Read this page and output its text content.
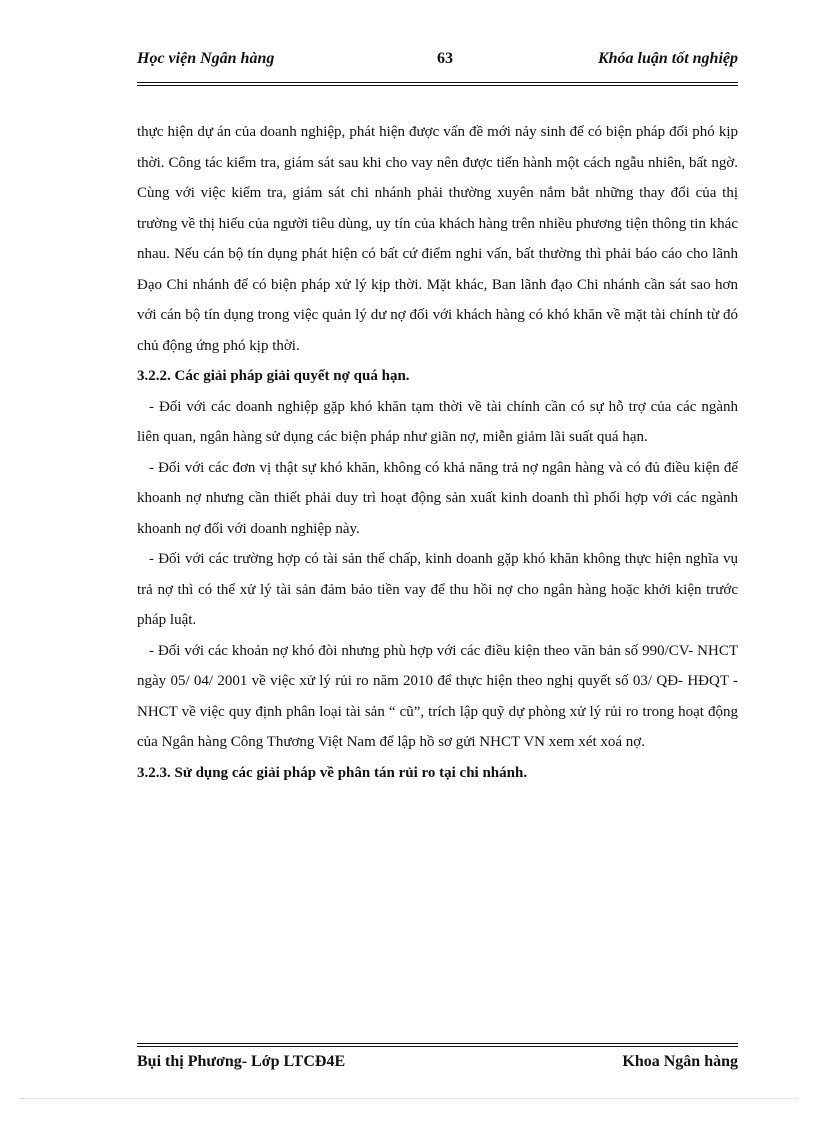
Học viện Ngân hàng	63	Khóa luận tốt nghiệp

thực hiện dự án của doanh nghiệp, phát hiện được vấn đề mới nảy sinh để có biện pháp đối phó kịp thời. Công tác kiểm tra, giám sát sau khi cho vay nên được tiến hành một cách ngẫu nhiên, bất ngờ. Cùng với việc kiểm tra, giám sát chi nhánh phải thường xuyên nắm bắt những thay đổi của thị trường về thị hiếu của người tiêu dùng, uy tín của khách hàng trên nhiều phương tiện thông tin khác nhau. Nếu cán bộ tín dụng phát hiện có bất cứ điểm nghi vấn, bất thường thì phải báo cáo cho lãnh Đạo Chi nhánh để có biện pháp xử lý kịp thời. Mặt khác, Ban lãnh đạo Chi nhánh cần sát sao hơn với cán bộ tín dụng trong việc quản lý dư nợ đối với khách hàng có khó khăn về mặt tài chính từ đó chủ động ứng phó kịp thời.

3.2.2. Các giải pháp giải quyết nợ quá hạn.

- Đối với các doanh nghiệp gặp khó khăn tạm thời về tài chính cần có sự hỗ trợ của các ngành liên quan, ngân hàng sử dụng các biện pháp như giãn nợ, miễn giảm lãi suất quá hạn.

- Đối với các đơn vị thật sự khó khăn, không có khả năng trả nợ ngân hàng và có đủ điều kiện để khoanh nợ nhưng cần thiết phải duy trì hoạt động sản xuất kinh doanh thì phối hợp với các ngành khoanh nợ đối với doanh nghiệp này.

- Đối với các trường hợp có tài sản thế chấp, kinh doanh gặp khó khăn không thực hiện nghĩa vụ trả nợ thì có thể xử lý tài sản đảm bảo tiền vay để thu hồi nợ cho ngân hàng hoặc khởi kiện trước pháp luật.

- Đối với các khoản nợ khó đòi nhưng phù hợp với các điều kiện theo văn bản số 990/CV- NHCT ngày 05/ 04/ 2001 về việc xử lý rủi ro năm 2010 để thực hiện theo nghị quyết số 03/ QĐ- HĐQT - NHCT về việc quy định phân loại tài sản “ cũ”, trích lập quỹ dự phòng xử lý rủi ro trong hoạt động của Ngân hàng Công Thương Việt Nam để lập hồ sơ gửi NHCT VN xem xét xoá nợ.

3.2.3. Sử dụng các giải pháp về phân tán rủi ro tại chi nhánh.
Bụi thị Phương- Lớp LTCĐ4E	Khoa Ngân hàng
